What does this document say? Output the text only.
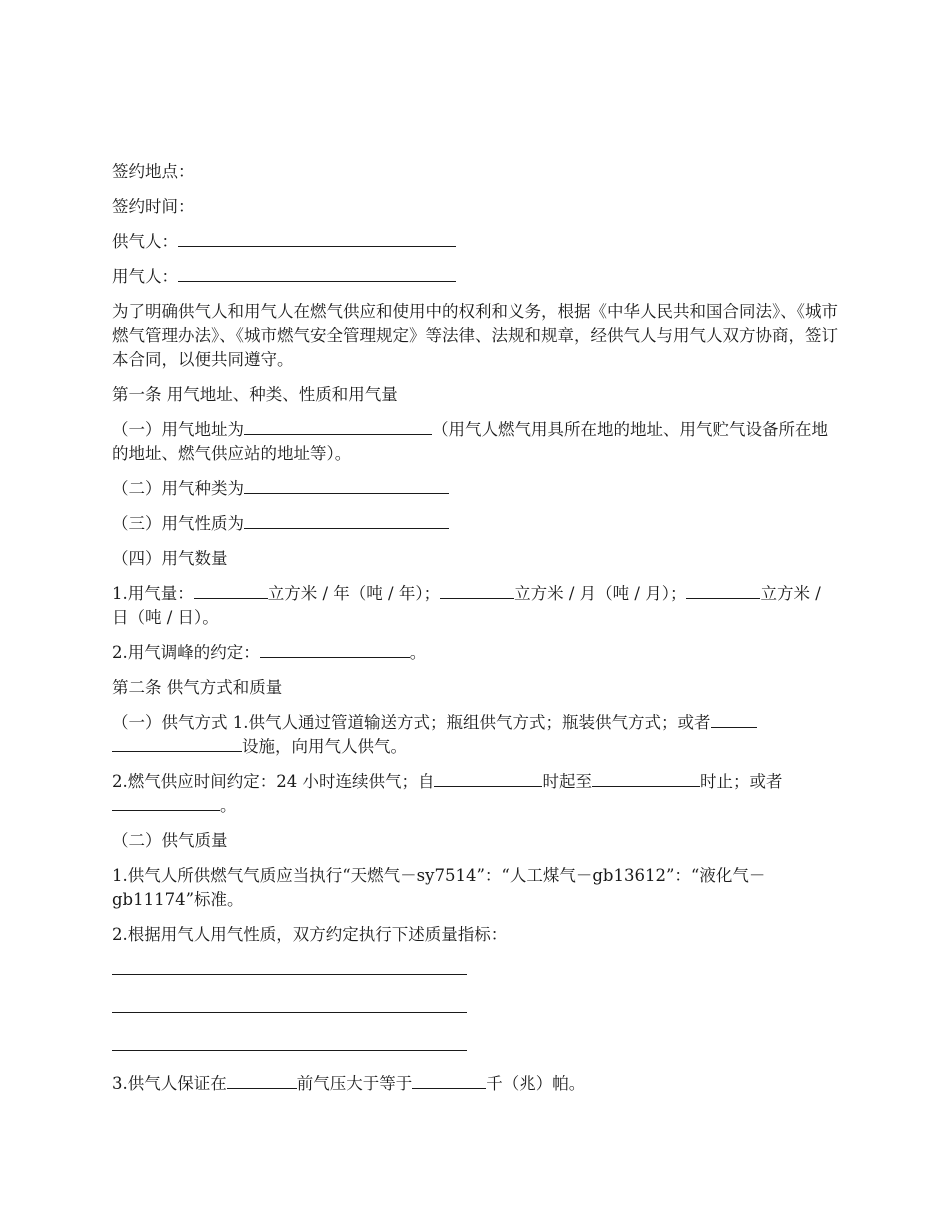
签约地点：

签约时间：

供气人：

用气人：

为了明确供气人和用气人在燃气供应和使用中的权利和义务，根据《中华人民共和国合同法》、《城市燃气管理办法》、《城市燃气安全管理规定》等法律、法规和规章，经供气人与用气人双方协商，签订本合同，以便共同遵守。

第一条 用气地址、种类、性质和用气量

（一）用气地址为	（用气人燃气用具所在地的地址、用气贮气设备所在地的地址、燃气供应站的地址等）。

（二）用气种类为

（三）用气性质为

（四）用气数量

1.用气量：	立方米 / 年（吨 / 年）；	立方米 / 月（吨 / 月）；	立方米 / 日（吨 / 日）。

2.用气调峰的约定：	。

第二条 供气方式和质量

（一）供气方式 1.供气人通过管道输送方式；瓶组供气方式；瓶装供气方式；或者设施，向用气人供气。

2.燃气供应时间约定：24 小时连续供气；自	时起至	时止；或者。

（二）供气质量

1.供气人所供燃气气质应当执行“天燃气－sy7514”：“人工煤气－gb13612”：“液化气－gb11174”标准。

2.根据用气人用气性质，双方约定执行下述质量指标：

3.供气人保证在	前气压大于等于	千（兆）帕。
